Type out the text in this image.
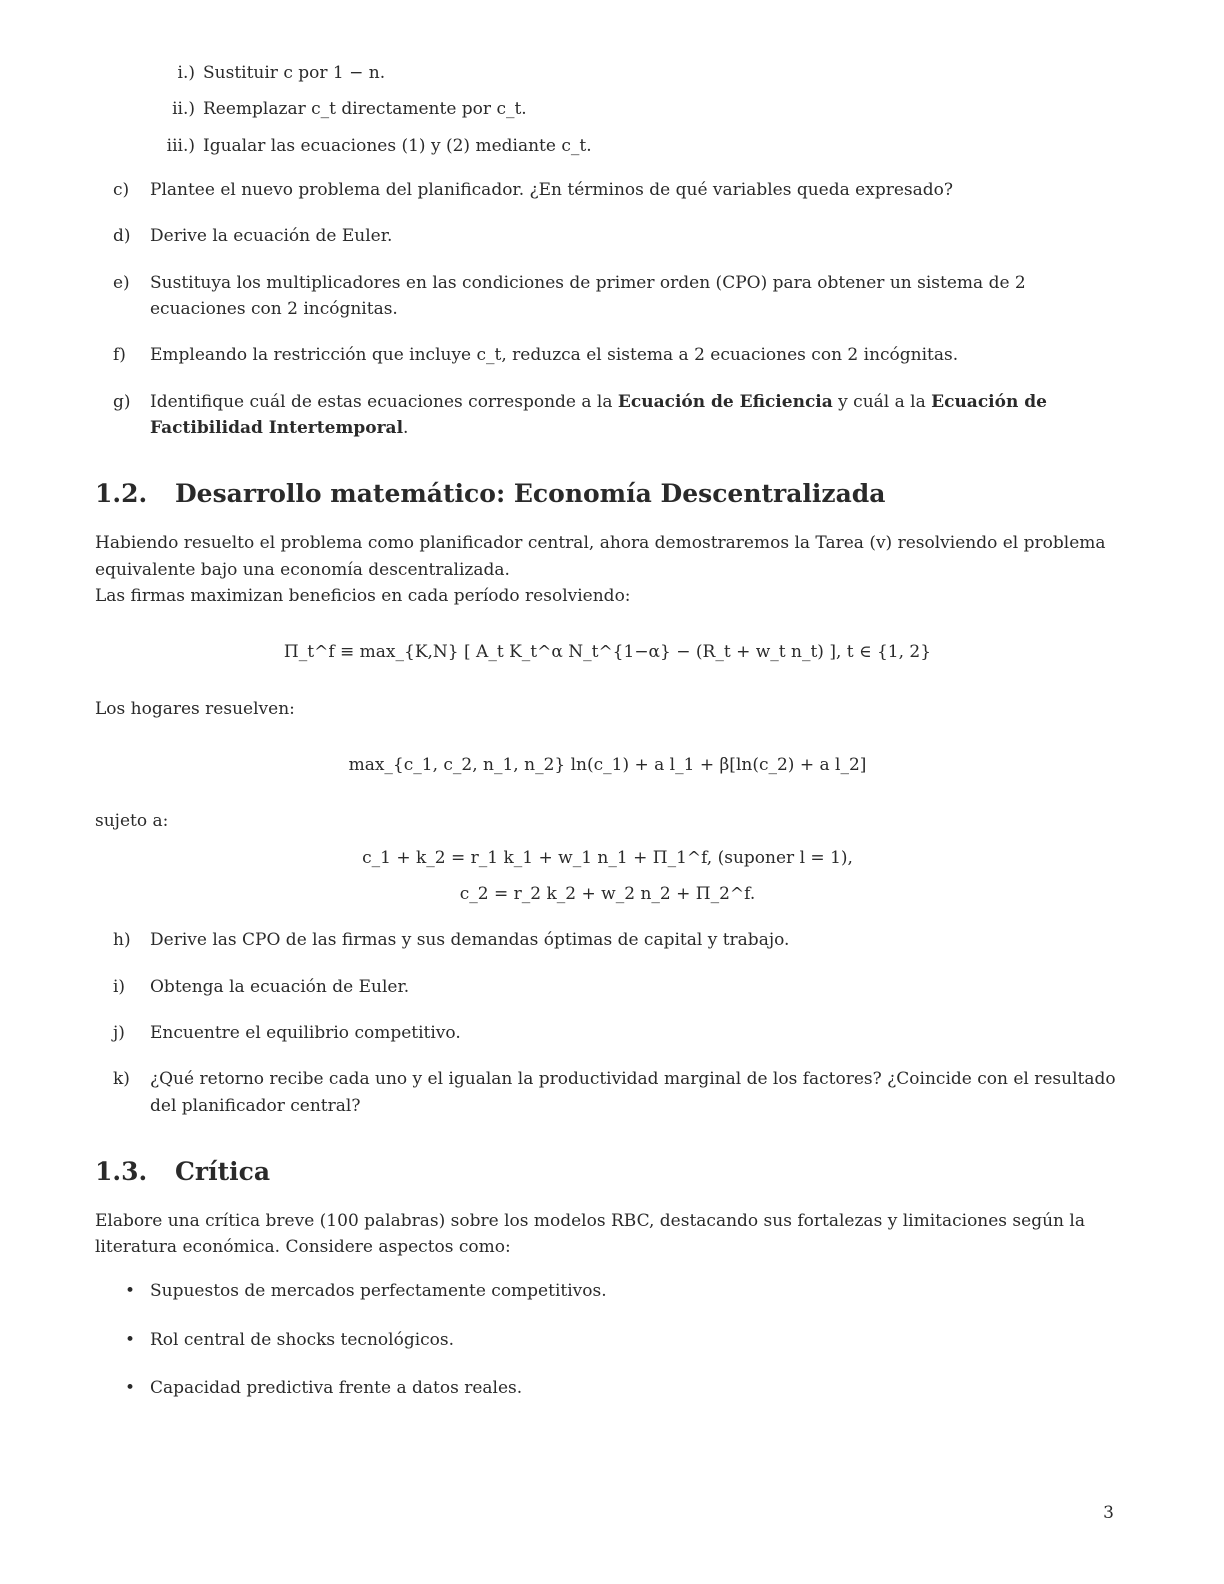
i.) Sustituir c por 1 − n.
ii.) Reemplazar c_t directamente por c_t.
iii.) Igualar las ecuaciones (1) y (2) mediante c_t.
c) Plantee el nuevo problema del planificador. ¿En términos de qué variables queda expresado?
d) Derive la ecuación de Euler.
e) Sustituya los multiplicadores en las condiciones de primer orden (CPO) para obtener un sistema de 2 ecuaciones con 2 incógnitas.
f) Empleando la restricción que incluye c_t, reduzca el sistema a 2 ecuaciones con 2 incógnitas.
g) Identifique cuál de estas ecuaciones corresponde a la Ecuación de Eficiencia y cuál a la Ecuación de Factibilidad Intertemporal.
1.2. Desarrollo matemático: Economía Descentralizada

Habiendo resuelto el problema como planificador central, ahora demostraremos la Tarea (v) resolviendo el problema equivalente bajo una economía descentralizada.

Las firmas maximizan beneficios en cada período resolviendo:

Π_t^f ≡ max_{K,N} [ A_t K_t^α N_t^{1−α} − (R_t + w_t n_t) ], t ∈ {1, 2}

Los hogares resuelven:

max_{c_1, c_2, n_1, n_2} ln(c_1) + a l_1 + β[ln(c_2) + a l_2]

sujeto a:

c_1 + k_2 = r_1 k_1 + w_1 n_1 + Π_1^f, (suponer l = 1),
c_2 = r_2 k_2 + w_2 n_2 + Π_2^f.
h) Derive las CPO de las firmas y sus demandas óptimas de capital y trabajo.
i) Obtenga la ecuación de Euler.
j) Encuentre el equilibrio competitivo.
k) ¿Qué retorno recibe cada uno y el igualan la productividad marginal de los factores? ¿Coincide con el resultado del planificador central?
1.3. Crítica

Elabore una crítica breve (100 palabras) sobre los modelos RBC, destacando sus fortalezas y limitaciones según la literatura económica. Considere aspectos como:

• Supuestos de mercados perfectamente competitivos.
• Rol central de shocks tecnológicos.
• Capacidad predictiva frente a datos reales.
3
